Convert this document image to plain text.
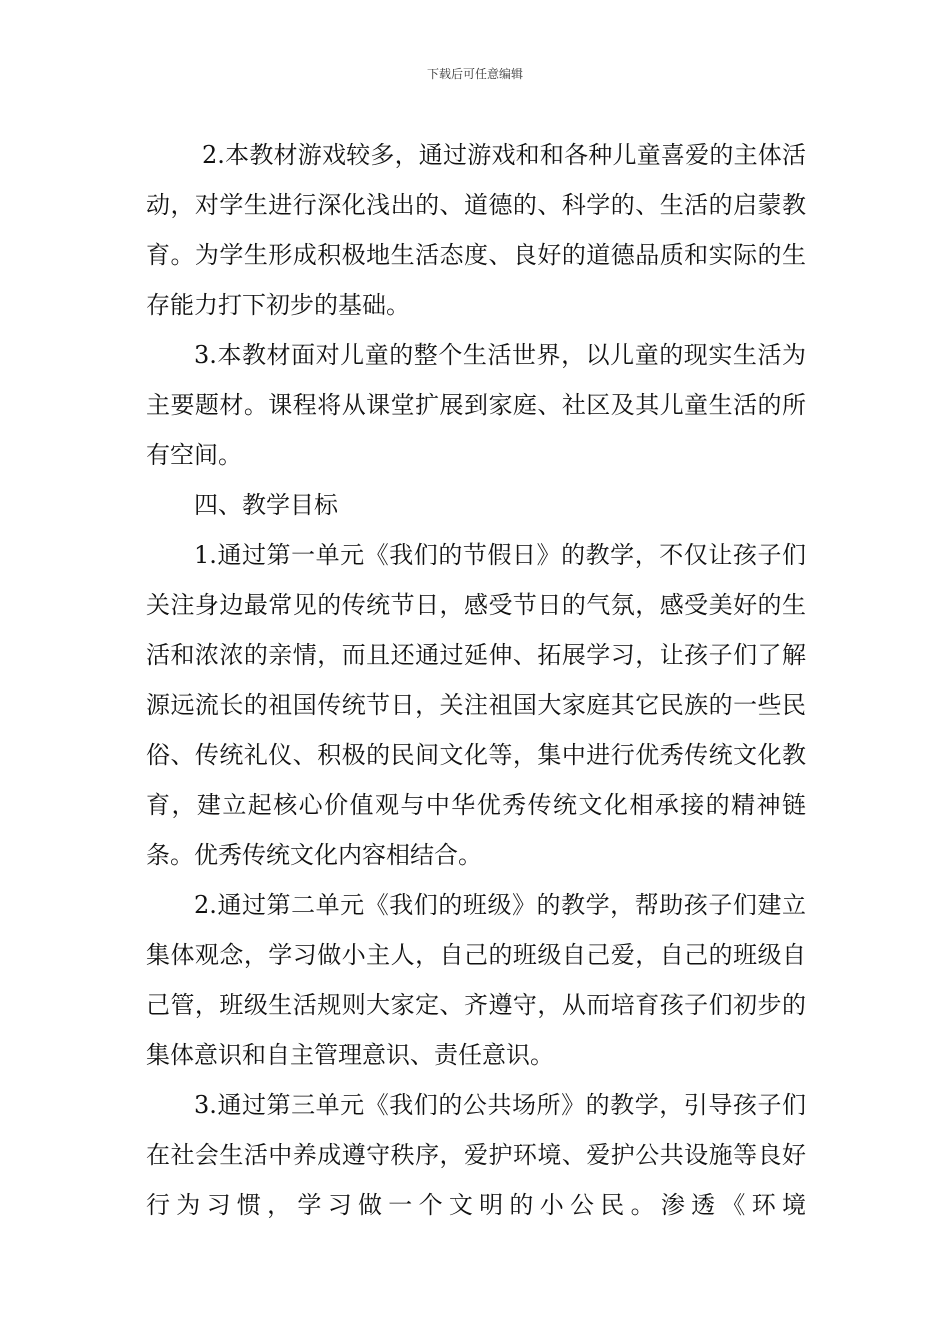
下载后可任意编辑

2.本教材游戏较多，通过游戏和和各种儿童喜爱的主体活动，对学生进行深化浅出的、道德的、科学的、生活的启蒙教育。为学生形成积极地生活态度、良好的道德品质和实际的生存能力打下初步的基础。

3.本教材面对儿童的整个生活世界，以儿童的现实生活为主要题材。课程将从课堂扩展到家庭、社区及其儿童生活的所有空间。

四、教学目标

1.通过第一单元《我们的节假日》的教学，不仅让孩子们关注身边最常见的传统节日，感受节日的气氛，感受美好的生活和浓浓的亲情，而且还通过延伸、拓展学习，让孩子们了解源远流长的祖国传统节日，关注祖国大家庭其它民族的一些民俗、传统礼仪、积极的民间文化等，集中进行优秀传统文化教育，建立起核心价值观与中华优秀传统文化相承接的精神链条。优秀传统文化内容相结合。

2.通过第二单元《我们的班级》的教学，帮助孩子们建立集体观念，学习做小主人，自己的班级自己爱，自己的班级自己管，班级生活规则大家定、齐遵守，从而培育孩子们初步的集体意识和自主管理意识、责任意识。

3.通过第三单元《我们的公共场所》的教学，引导孩子们在社会生活中养成遵守秩序，爱护环境、爱护公共设施等良好行为习惯，学习做一个文明的小公民。渗透《环境
